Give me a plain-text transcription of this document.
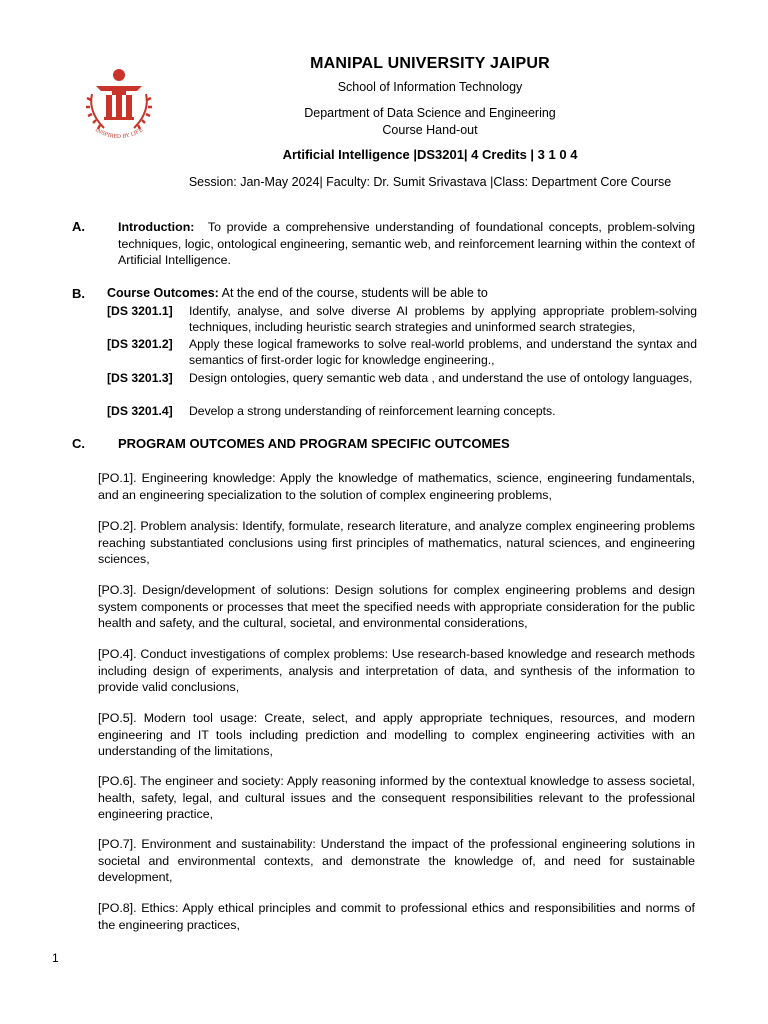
INSPIRED BY LIFE
MANIPAL UNIVERSITY JAIPUR
School of Information Technology
Department of Data Science and Engineering
Course Hand-out
Artificial Intelligence |DS3201| 4 Credits | 3 1 0 4
Session: Jan-May 2024| Faculty: Dr. Sumit Srivastava |Class: Department Core Course
A.	Introduction: To provide a comprehensive understanding of foundational concepts, problem-solving techniques, logic, ontological engineering, semantic web, and reinforcement learning within the context of Artificial Intelligence.
B. Course Outcomes: At the end of the course, students will be able to
[DS 3201.1]	Identify, analyse, and solve diverse AI problems by applying appropriate problem-solving techniques, including heuristic search strategies and uninformed search strategies,
[DS 3201.2]	Apply these logical frameworks to solve real-world problems, and understand the syntax and semantics of first-order logic for knowledge engineering.,
[DS 3201.3]	Design ontologies, query semantic web data , and understand the use of ontology languages,
[DS 3201.4]	Develop a strong understanding of reinforcement learning concepts.
C.	PROGRAM OUTCOMES AND PROGRAM SPECIFIC OUTCOMES
[PO.1]. Engineering knowledge: Apply the knowledge of mathematics, science, engineering fundamentals, and an engineering specialization to the solution of complex engineering problems,
[PO.2]. Problem analysis: Identify, formulate, research literature, and analyze complex engineering problems reaching substantiated conclusions using first principles of mathematics, natural sciences, and engineering sciences,
[PO.3]. Design/development of solutions: Design solutions for complex engineering problems and design system components or processes that meet the specified needs with appropriate consideration for the public health and safety, and the cultural, societal, and environmental considerations,
[PO.4]. Conduct investigations of complex problems: Use research-based knowledge and research methods including design of experiments, analysis and interpretation of data, and synthesis of the information to provide valid conclusions,
[PO.5]. Modern tool usage: Create, select, and apply appropriate techniques, resources, and modern engineering and IT tools including prediction and modelling to complex engineering activities with an understanding of the limitations,
[PO.6]. The engineer and society: Apply reasoning informed by the contextual knowledge to assess societal, health, safety, legal, and cultural issues and the consequent responsibilities relevant to the professional engineering practice,
[PO.7]. Environment and sustainability: Understand the impact of the professional engineering solutions in societal and environmental contexts, and demonstrate the knowledge of, and need for sustainable development,
[PO.8]. Ethics: Apply ethical principles and commit to professional ethics and responsibilities and norms of the engineering practices,
1
